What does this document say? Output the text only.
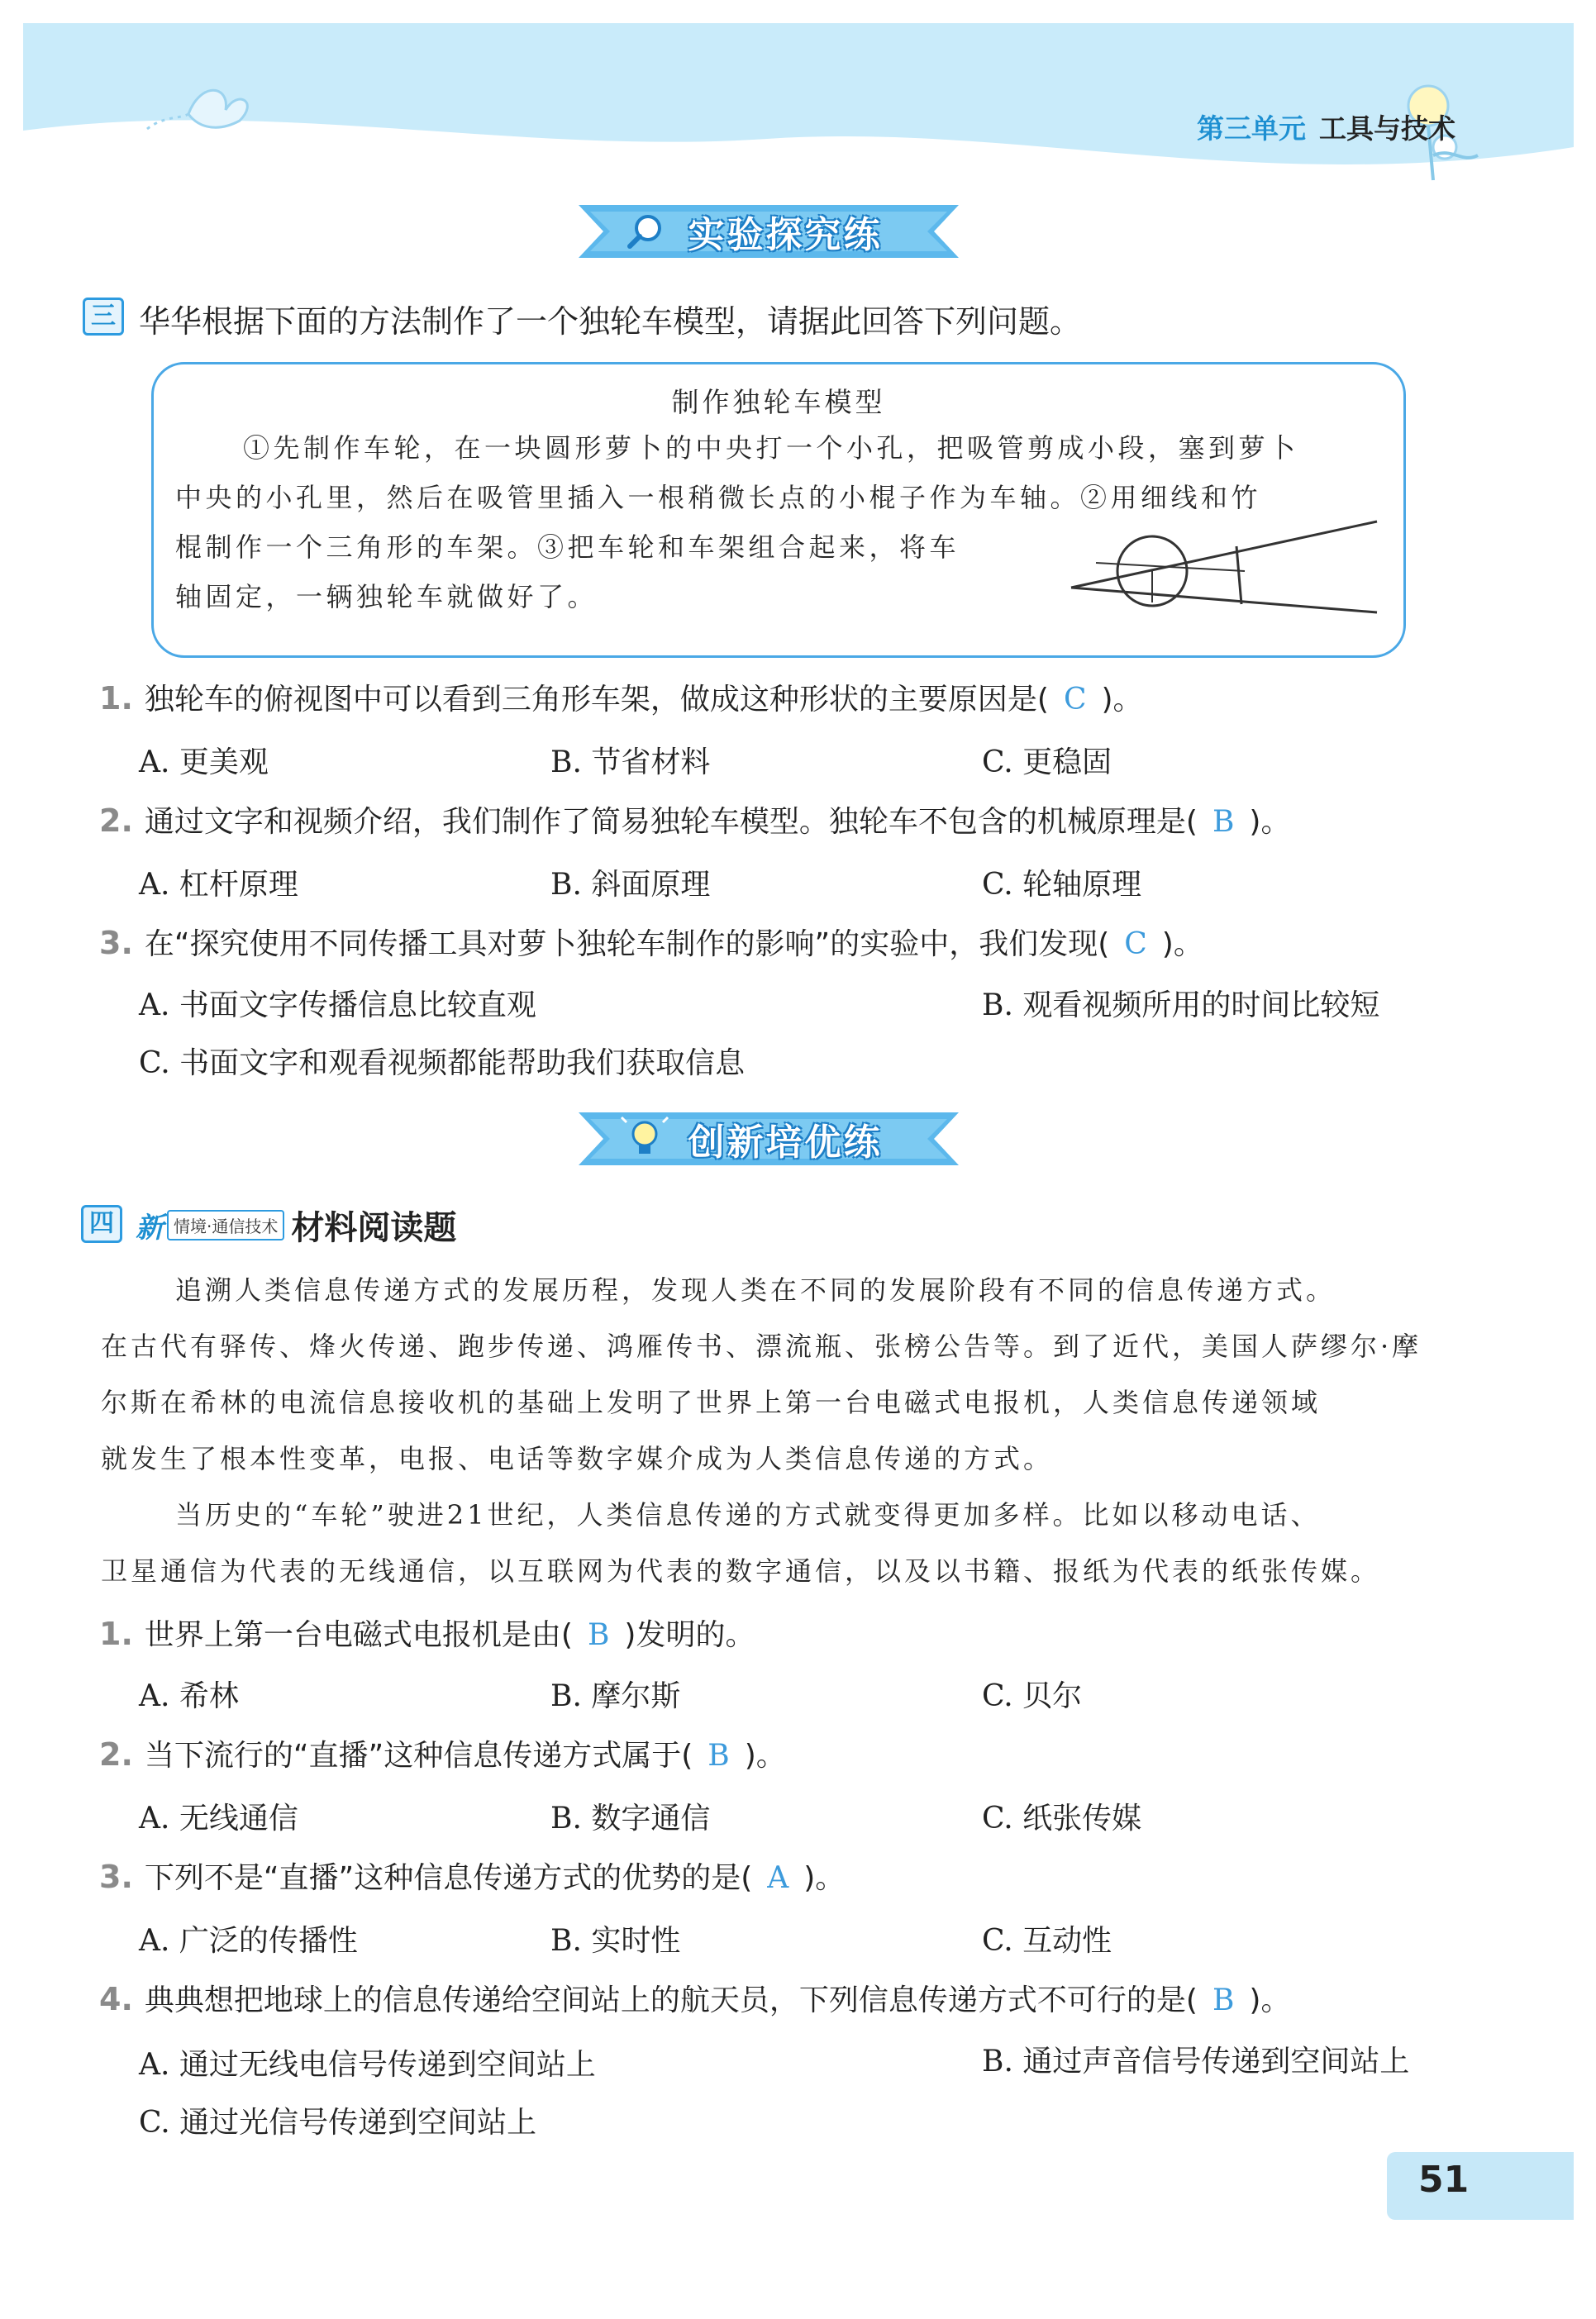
第三单元 工具与技术
实验探究练
三 华华根据下面的方法制作了一个独轮车模型，请据此回答下列问题。
制作独轮车模型
①先制作车轮，在一块圆形萝卜的中央打一个小孔，把吸管剪成小段，塞到萝卜
中央的小孔里，然后在吸管里插入一根稍微长点的小棍子作为车轴。②用细线和竹
棍制作一个三角形的车架。③把车轮和车架组合起来，将车
轴固定，一辆独轮车就做好了。
1. 独轮车的俯视图中可以看到三角形车架，做成这种形状的主要原因是( C )。
A. 更美观	B. 节省材料	C. 更稳固
2. 通过文字和视频介绍，我们制作了简易独轮车模型。独轮车不包含的机械原理是( B )。
A. 杠杆原理	B. 斜面原理	C. 轮轴原理
3. 在“探究使用不同传播工具对萝卜独轮车制作的影响”的实验中，我们发现( C )。
A. 书面文字传播信息比较直观	B. 观看视频所用的时间比较短
C. 书面文字和观看视频都能帮助我们获取信息
创新培优练
四 新 情境·通信技术 材料阅读题
追溯人类信息传递方式的发展历程，发现人类在不同的发展阶段有不同的信息传递方式。
在古代有驿传、烽火传递、跑步传递、鸿雁传书、漂流瓶、张榜公告等。到了近代，美国人萨缪尔·摩
尔斯在希林的电流信息接收机的基础上发明了世界上第一台电磁式电报机，人类信息传递领域
就发生了根本性变革，电报、电话等数字媒介成为人类信息传递的方式。
当历史的“车轮”驶进21世纪，人类信息传递的方式就变得更加多样。比如以移动电话、
卫星通信为代表的无线通信，以互联网为代表的数字通信，以及以书籍、报纸为代表的纸张传媒。
1. 世界上第一台电磁式电报机是由( B )发明的。
A. 希林	B. 摩尔斯	C. 贝尔
2. 当下流行的“直播”这种信息传递方式属于( B )。
A. 无线通信	B. 数字通信	C. 纸张传媒
3. 下列不是“直播”这种信息传递方式的优势的是( A )。
A. 广泛的传播性	B. 实时性	C. 互动性
4. 典典想把地球上的信息传递给空间站上的航天员，下列信息传递方式不可行的是( B )。
A. 通过无线电信号传递到空间站上	B. 通过声音信号传递到空间站上
C. 通过光信号传递到空间站上
51
